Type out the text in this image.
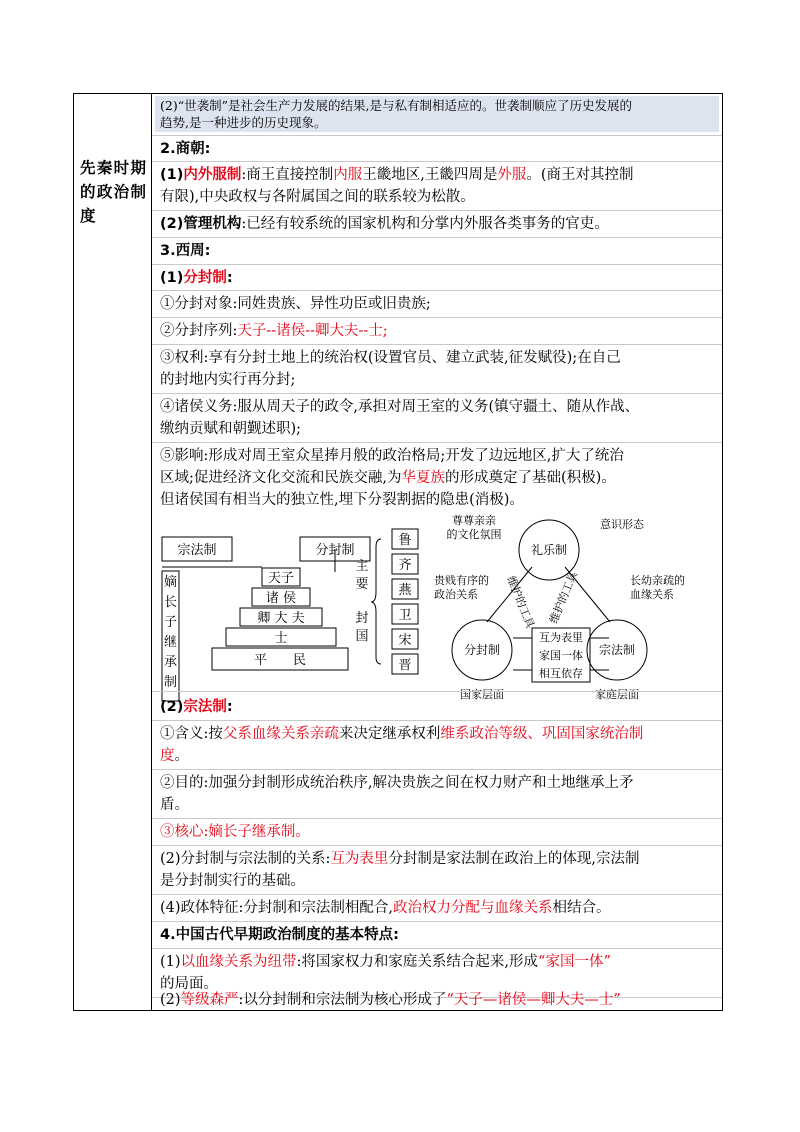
先秦时期的政治制度
(2)“世袭制”是社会生产力发展的结果,是与私有制相适应的。世袭制顺应了历史发展的
趋势,是一种进步的历史现象。
2.商朝:
(1)内外服制:商王直接控制内服王畿地区,王畿四周是外服。(商王对其控制
有限),中央政权与各附属国之间的联系较为松散。
(2)管理机构:已经有较系统的国家机构和分掌内外服各类事务的官吏。
3.西周:
(1)分封制:
①分封对象:同姓贵族、异性功臣或旧贵族;
②分封序列:天子--诸侯--卿大夫--士;
③权利:享有分封土地上的统治权(设置官员、建立武装,征发赋役);在自己
的封地内实行再分封;
④诸侯义务:服从周天子的政令,承担对周王室的义务(镇守疆土、随从作战、
缴纳贡赋和朝觐述职);
⑤影响:形成对周王室众星捧月般的政治格局;开发了边远地区,扩大了统治
区域;促进经济文化交流和民族交融,为华夏族的形成奠定了基础(积极)。
但诸侯国有相当大的独立性,埋下分裂割据的隐患(消极)。
宗法制	分封制
嫡
长
子
继
承
制
天子
诸 侯
卿 大 夫
士
平　　民
主
要
封
国
鲁
齐
燕
卫
宋
晋
礼乐制
尊尊亲亲
的文化氛围
意识形态
贵贱有序的
政治关系
长幼亲疏的
血缘关系
维护的工具 维护的工具
分封制	宗法制
互为表里
家国一体
相互依存
国家层面	家庭层面
(2)宗法制:
①含义:按父系血缘关系亲疏来决定继承权利维系政治等级、巩固国家统治制
度。
②目的:加强分封制形成统治秩序,解决贵族之间在权力财产和土地继承上矛
盾。
③核心:嫡长子继承制。
(2)分封制与宗法制的关系:互为表里分封制是家法制在政治上的体现,宗法制
是分封制实行的基础。
(4)政体特征:分封制和宗法制相配合,政治权力分配与血缘关系相结合。
4.中国古代早期政治制度的基本特点:
(1)以血缘关系为纽带:将国家权力和家庭关系结合起来,形成“家国一体”
的局面。
(2)等级森严:以分封制和宗法制为核心形成了“天子—诸侯—卿大夫—士”
